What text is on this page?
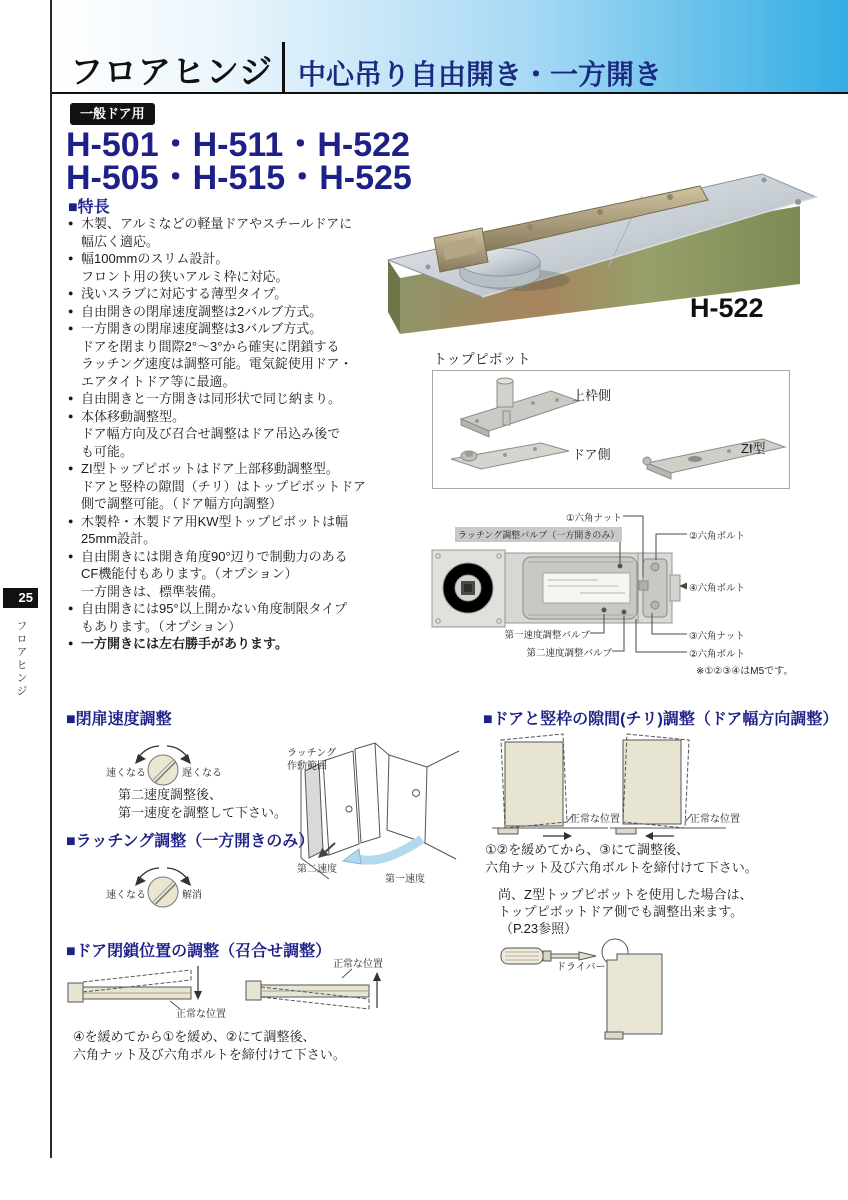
25
フロアヒンジ
フロアヒンジ 中心吊り自由開き・一方開き
一般ドア用
H-501・H-511・H-522
H-505・H-515・H-525
■特長
● 木製、アルミなどの軽量ドアやスチールドアに
幅広く適応。
● 幅100mmのスリム設計。
フロント用の狭いアルミ枠に対応。
● 浅いスラブに対応する薄型タイプ。
● 自由開きの閉扉速度調整は2バルブ方式。
● 一方開きの閉扉速度調整は3バルブ方式。
ドアを閉まり間際2°～3°から確実に閉鎖する
ラッチング速度は調整可能。電気錠使用ドア・
エアタイトドア等に最適。
● 自由開きと一方開きは同形状で同じ納まり。
● 本体移動調整型。
ドア幅方向及び召合せ調整はドア吊込み後で
も可能。
● ZI型トップピボットはドア上部移動調整型。
ドアと竪枠の隙間（チリ）はトップピボットドア
側で調整可能。（ドア幅方向調整）
● 木製枠・木製ドア用KW型トップピボットは幅
25mm設計。
● 自由開きには開き角度90°辺りで制動力のある
CF機能付もあります。（オプション）
一方開きは、標準装備。
● 自由開きには95°以上開かない角度制限タイプ
もあります。（オプション）
● 一方開きには左右勝手があります。
H-522
トップピボット
上枠側
ドア側	ZI型
①六角ナット
ラッチング調整バルブ（一方開きのみ）	②六角ボルト
④六角ボルト
③六角ナット
②六角ボルト
第一速度調整バルブ
第二速度調整バルブ
※①②③④はM5です。
■閉扉速度調整
速くなる	遅くなる
第二速度調整後、
第一速度を調整して下さい。
ラッチング
作動範囲
第二速度
第一速度
■ラッチング調整（一方開きのみ）
速くなる	解消
■ドア閉鎖位置の調整（召合せ調整）
正常な位置
正常な位置
④を緩めてから①を緩め、②にて調整後、
六角ナット及び六角ボルトを締付けて下さい。
■ドアと竪枠の隙間(チリ)調整（ドア幅方向調整）
正常な位置	正常な位置
①②を緩めてから、③にて調整後、
六角ナット及び六角ボルトを締付けて下さい。
尚、Z型トップピボットを使用した場合は、
トップピボットドア側でも調整出来ます。
（P.23参照）
ドライバー
